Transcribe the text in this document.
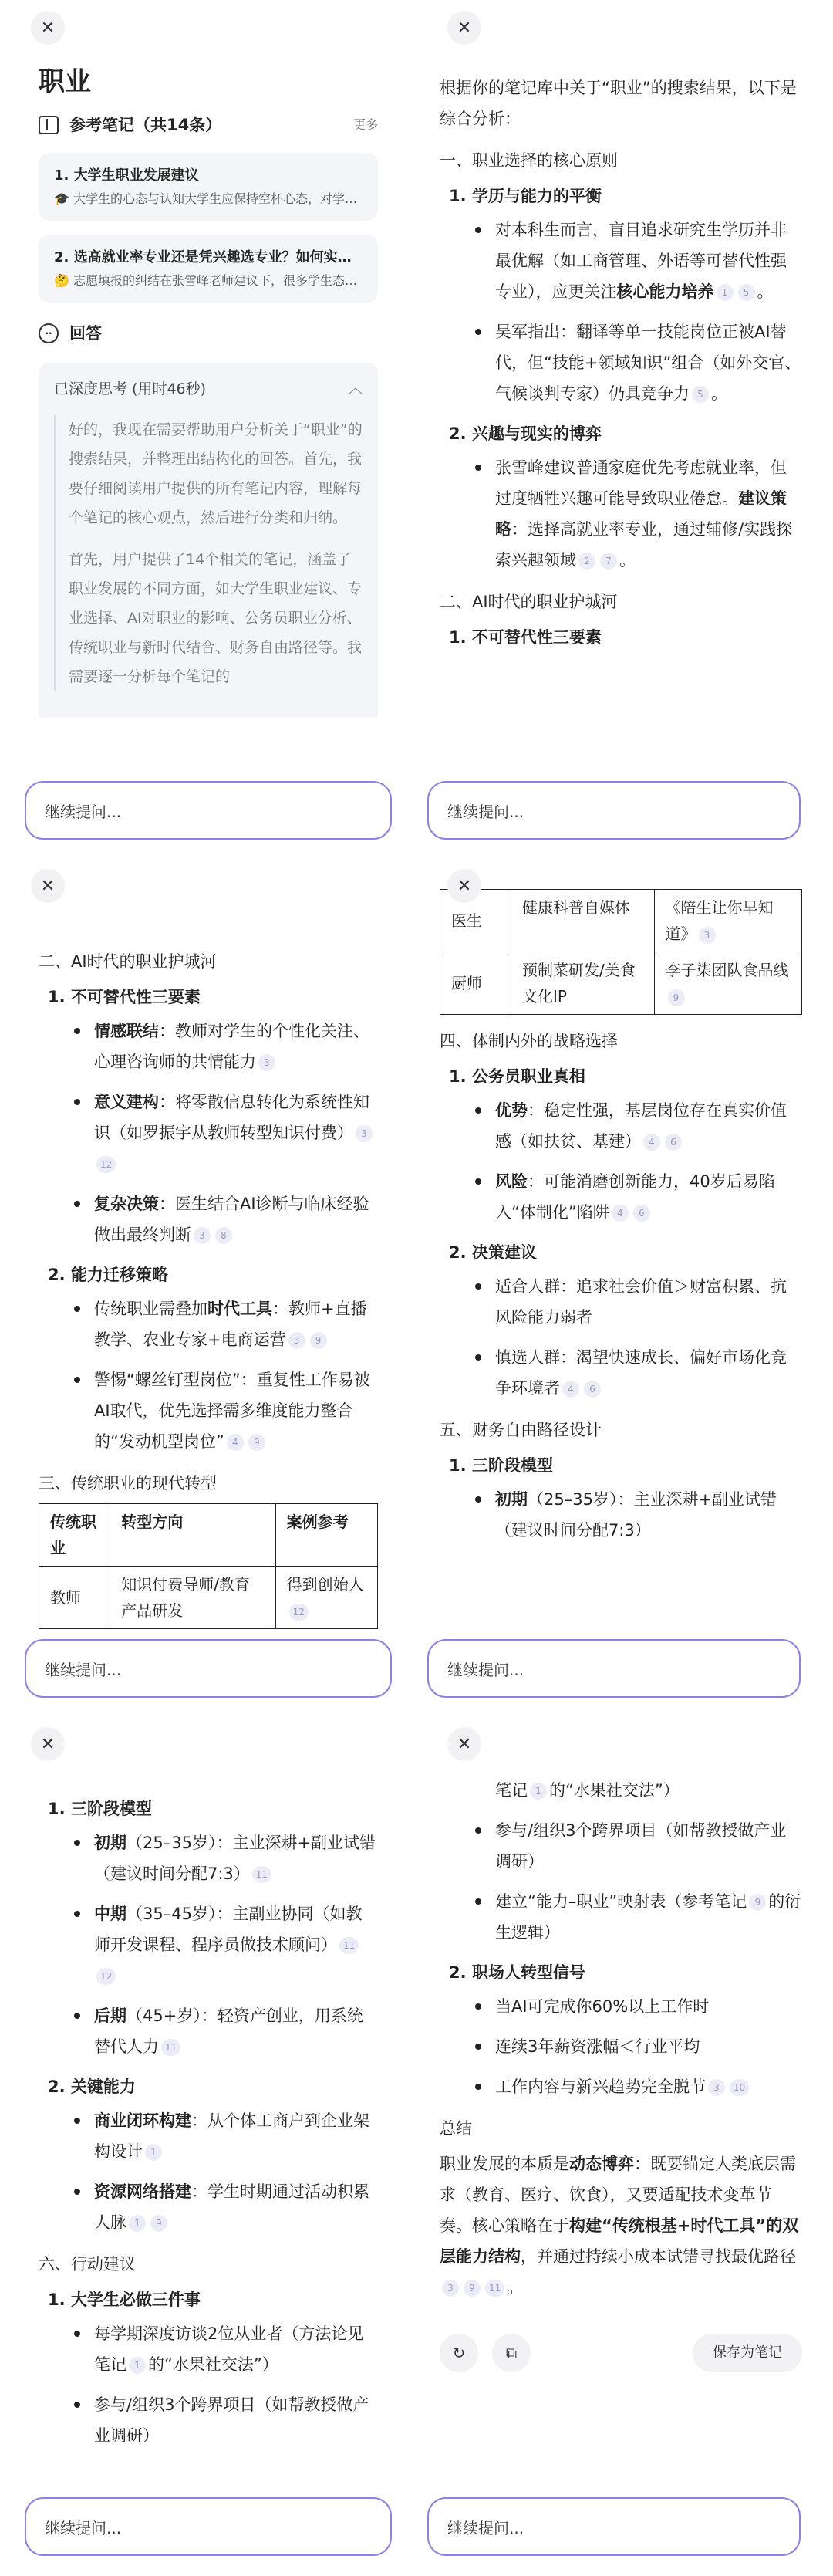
✕
职业
参考笔记（共14条）	更多
1. 大学生职业发展建议
🎓 大学生的心态与认知大学生应保持空杯心态，对学…
2. 选高就业率专业还是凭兴趣选专业？如何实…
🤔 志愿填报的纠结在张雪峰老师建议下，很多学生态…
··	回答
已深度思考 (用时46秒)	︿

好的，我现在需要帮助用户分析关于“职业”的搜索结果，并整理出结构化的回答。首先，我要仔细阅读用户提供的所有笔记内容，理解每个笔记的核心观点，然后进行分类和归纳。

首先，用户提供了14个相关的笔记，涵盖了职业发展的不同方面，如大学生职业建议、专业选择、AI对职业的影响、公务员职业分析、传统职业与新时代结合、财务自由路径等。我需要逐一分析每个笔记的

继续提问...
✕

根据你的笔记库中关于“职业”的搜索结果，以下是综合分析：

一、职业选择的核心原则
1. 学历与能力的平衡
对本科生而言，盲目追求研究生学历并非最优解（如工商管理、外语等可替代性强专业），应更关注核心能力培养 1 5 。
吴军指出：翻译等单一技能岗位正被AI替代，但“技能+领域知识”组合（如外交官、气候谈判专家）仍具竞争力 5 。
2. 兴趣与现实的博弈
张雪峰建议普通家庭优先考虑就业率，但过度牺牲兴趣可能导致职业倦怠。建议策略：选择高就业率专业，通过辅修/实践探索兴趣领域 2 7 。
二、AI时代的职业护城河
1. 不可替代性三要素
继续提问...
✕
二、AI时代的职业护城河
1. 不可替代性三要素
情感联结：教师对学生的个性化关注、心理咨询师的共情能力 3
意义建构：将零散信息转化为系统性知识（如罗振宇从教师转型知识付费） 312
复杂决策：医生结合AI诊断与临床经验做出最终判断 3 8
2. 能力迁移策略
传统职业需叠加时代工具：教师+直播教学、农业专家+电商运营 3 9
警惕“螺丝钉型岗位”：重复性工作易被AI取代，优先选择需多维度能力整合的“发动机型岗位” 4 9
三、传统职业的现代转型
传统职业	转型方向	案例参考
教师	知识付费导师/教育产品研发	得到创始人12
继续提问...
✕
医生	健康科普自媒体	《陪生让你早知道》 3
厨师	预制菜研发/美食文化IP	李子柒团队食品线9
四、体制内外的战略选择
1. 公务员职业真相
优势：稳定性强，基层岗位存在真实价值感（如扶贫、基建） 4 6
风险：可能消磨创新能力，40岁后易陷入“体制化”陷阱 4 6
2. 决策建议
适合人群：追求社会价值＞财富积累、抗风险能力弱者
慎选人群：渴望快速成长、偏好市场化竞争环境者 4 6
五、财务自由路径设计
1. 三阶段模型
初期（25–35岁）：主业深耕+副业试错（建议时间分配7:3）
继续提问...
✕
1. 三阶段模型
初期（25–35岁）：主业深耕+副业试错（建议时间分配7:3） 11
中期（35–45岁）：主副业协同（如教师开发课程、程序员做技术顾问） 1112
后期（45+岁）：轻资产创业，用系统替代人力 11
2. 关键能力
商业闭环构建：从个体工商户到企业架构设计 1
资源网络搭建：学生时期通过活动积累人脉 1 9
六、行动建议
1. 大学生必做三件事
每学期深度访谈2位从业者（方法论见笔记 1 的“水果社交法”）
参与/组织3个跨界项目（如帮教授做产业调研）
继续提问...
✕
笔记 1 的“水果社交法”）
参与/组织3个跨界项目（如帮教授做产业调研）
建立“能力–职业”映射表（参考笔记 9 的衍生逻辑）
2. 职场人转型信号
当AI可完成你60%以上工作时
连续3年薪资涨幅＜行业平均
工作内容与新兴趋势完全脱节 3 10
总结

职业发展的本质是动态博弈：既要锚定人类底层需求（教育、医疗、饮食），又要适配技术变革节奏。核心策略在于构建“传统根基+时代工具”的双层能力结构，并通过持续小成本试错寻找最优路径3 9 11 。

↻	⧉	保存为笔记
继续提问...
